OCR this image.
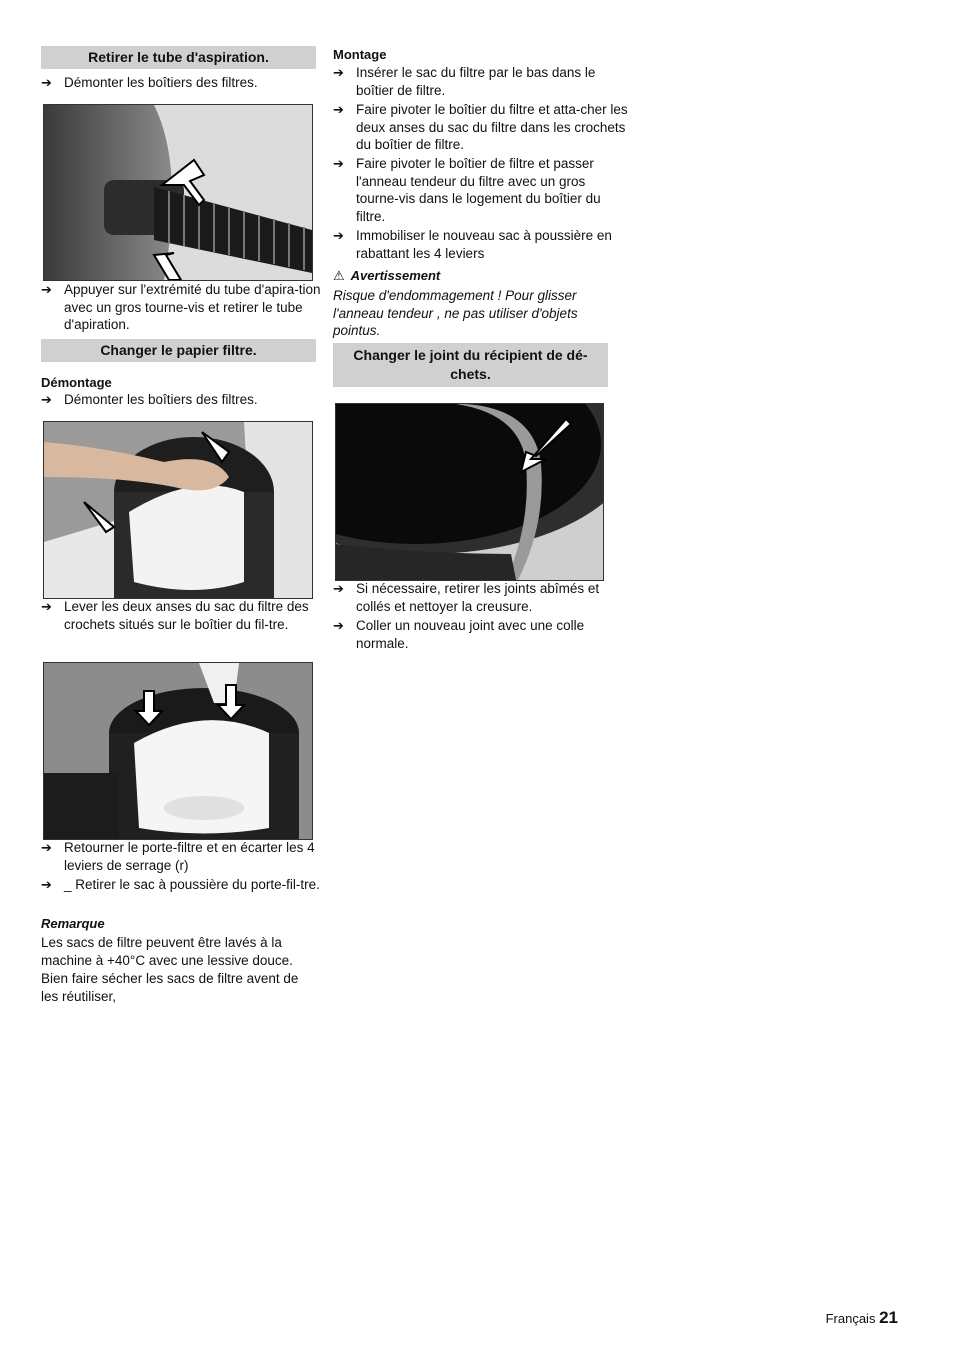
Retirer le tube d'aspiration.
➔ Démonter les boîtiers des filtres.
➔ Appuyer sur l'extrémité du tube d'apira-tion avec un gros tourne-vis et retirer le tube d'apiration.
Changer le papier filtre.
Démontage
➔ Démonter les boîtiers des filtres.
➔ Lever les deux anses du sac du filtre des crochets situés sur le boîtier du fil-tre.
➔ Retourner le porte-filtre et en écarter les 4 leviers de serrage (r)
➔ _ Retirer le sac à poussière du porte-fil-tre.
Remarque
Les sacs de filtre peuvent être lavés à la machine à +40°C avec une lessive douce. Bien faire sécher les sacs de filtre avent de les réutiliser,
Montage
➔ Insérer le sac du filtre par le bas dans le boîtier de filtre.
➔ Faire pivoter le boîtier du filtre et atta-cher les deux anses du sac du filtre dans les crochets du boîtier de filtre.
➔ Faire pivoter le boîtier de filtre et passer l'anneau tendeur du filtre avec un gros tourne-vis dans le logement du boîtier du filtre.
➔ Immobiliser le nouveau sac à poussière en rabattant les 4 leviers
⚠ Avertissement
Risque d'endommagement ! Pour glisser l'anneau tendeur , ne pas utiliser d'objets pointus.
Changer le joint du récipient de dé-chets.
➔ Si nécessaire, retirer les joints abîmés et collés et nettoyer la creusure.
➔ Coller un nouveau joint avec une colle normale.
Français 21
